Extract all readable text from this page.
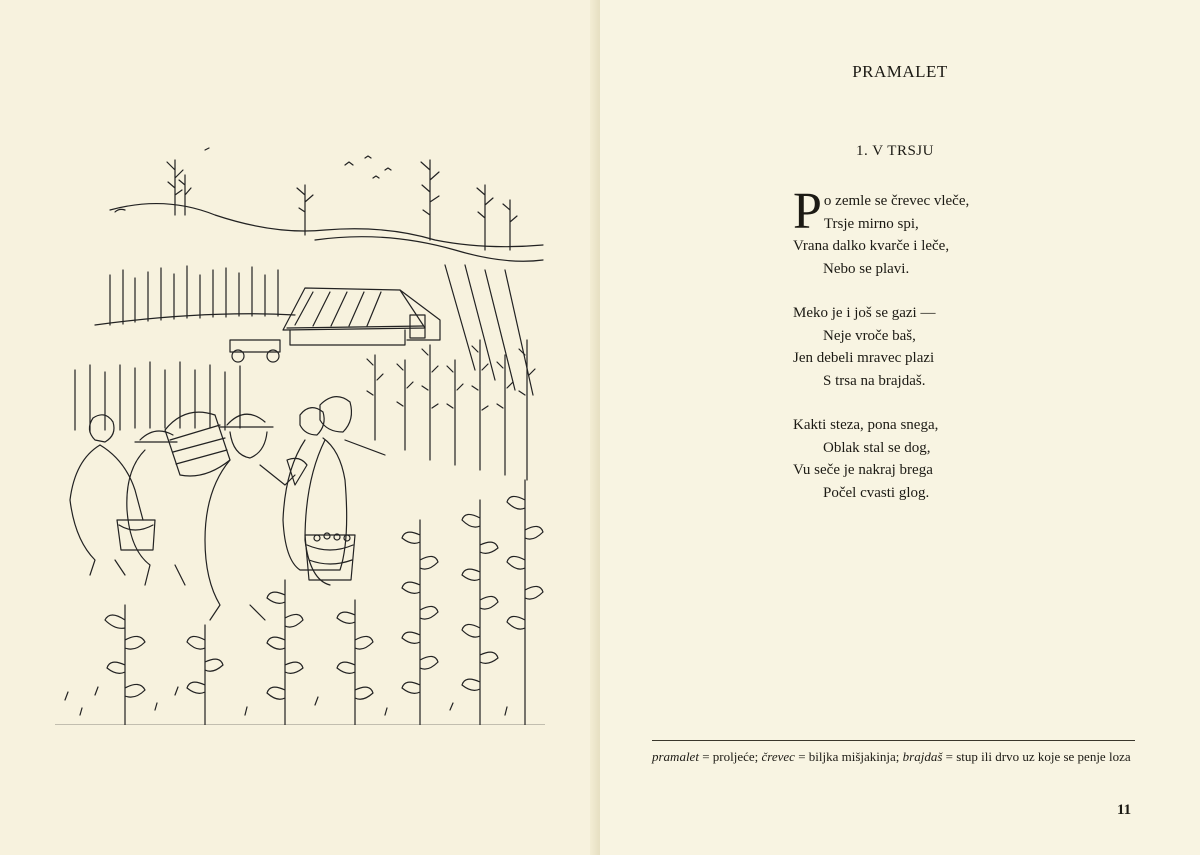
PRAMALET
1. V TRSJU
P o zemle se črevec vleče,
Trsje mirno spi,
Vrana dalko kvarče i leče,
Nebo se plavi.
Meko je i još se gazi —
Neje vroče baš,
Jen debeli mravec plazi
S trsa na brajdaš.
Kakti steza, pona snega,
Oblak stal se dog,
Vu seče je nakraj brega
Počel cvasti glog.
pramalet = proljeće; črevec = biljka mišjakinja; brajdaš = stup ili drvo uz koje se penje loza
11
